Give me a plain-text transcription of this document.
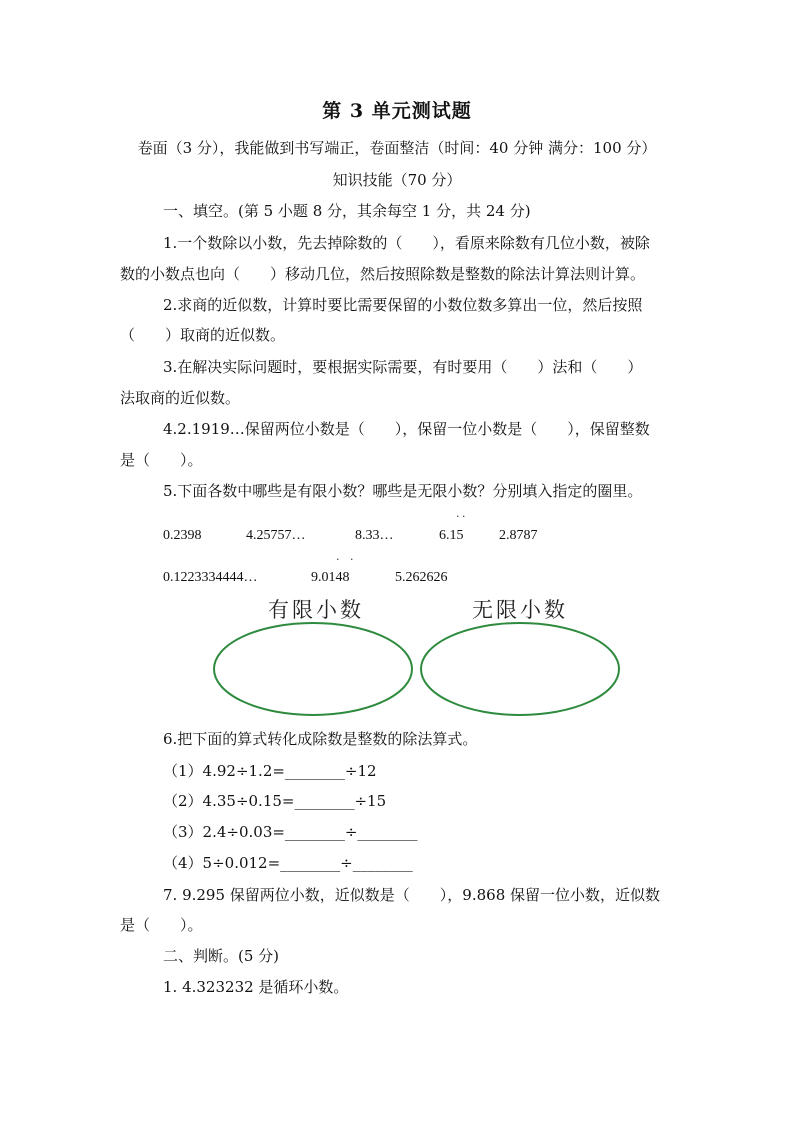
第 3 单元测试题
卷面（3 分），我能做到书写端正，卷面整洁（时间：40 分钟 满分：100 分）
知识技能（70 分）
一、填空。(第 5 小题 8 分，其余每空 1 分，共 24 分)
1.一个数除以小数，先去掉除数的（　　），看原来除数有几位小数，被除
数的小数点也向（　　）移动几位，然后按照除数是整数的除法计算法则计算。
2.求商的近似数，计算时要比需要保留的小数位数多算出一位，然后按照
（　　）取商的近似数。
3.在解决实际问题时，要根据实际需要，有时要用（　　）法和（　　）
法取商的近似数。
4.2.1919…保留两位小数是（　　），保留一位小数是（　　），保留整数
是（　　）。
5.下面各数中哪些是有限小数？哪些是无限小数？分别填入指定的圈里。
· ·
· ·
0.2398	4.25757…	8.33…	6.15	2.8787
0.1223334444…	9.0148	5.262626
有限小数	无限小数
6.把下面的算式转化成除数是整数的除法算式。
（1）4.92÷1.2=________÷12
（2）4.35÷0.15=________÷15
（3）2.4÷0.03=________÷________
（4）5÷0.012=________÷________
7. 9.295 保留两位小数，近似数是（　　），9.868 保留一位小数，近似数
是（　　）。
二、判断。(5 分)
1. 4.323232 是循环小数。
